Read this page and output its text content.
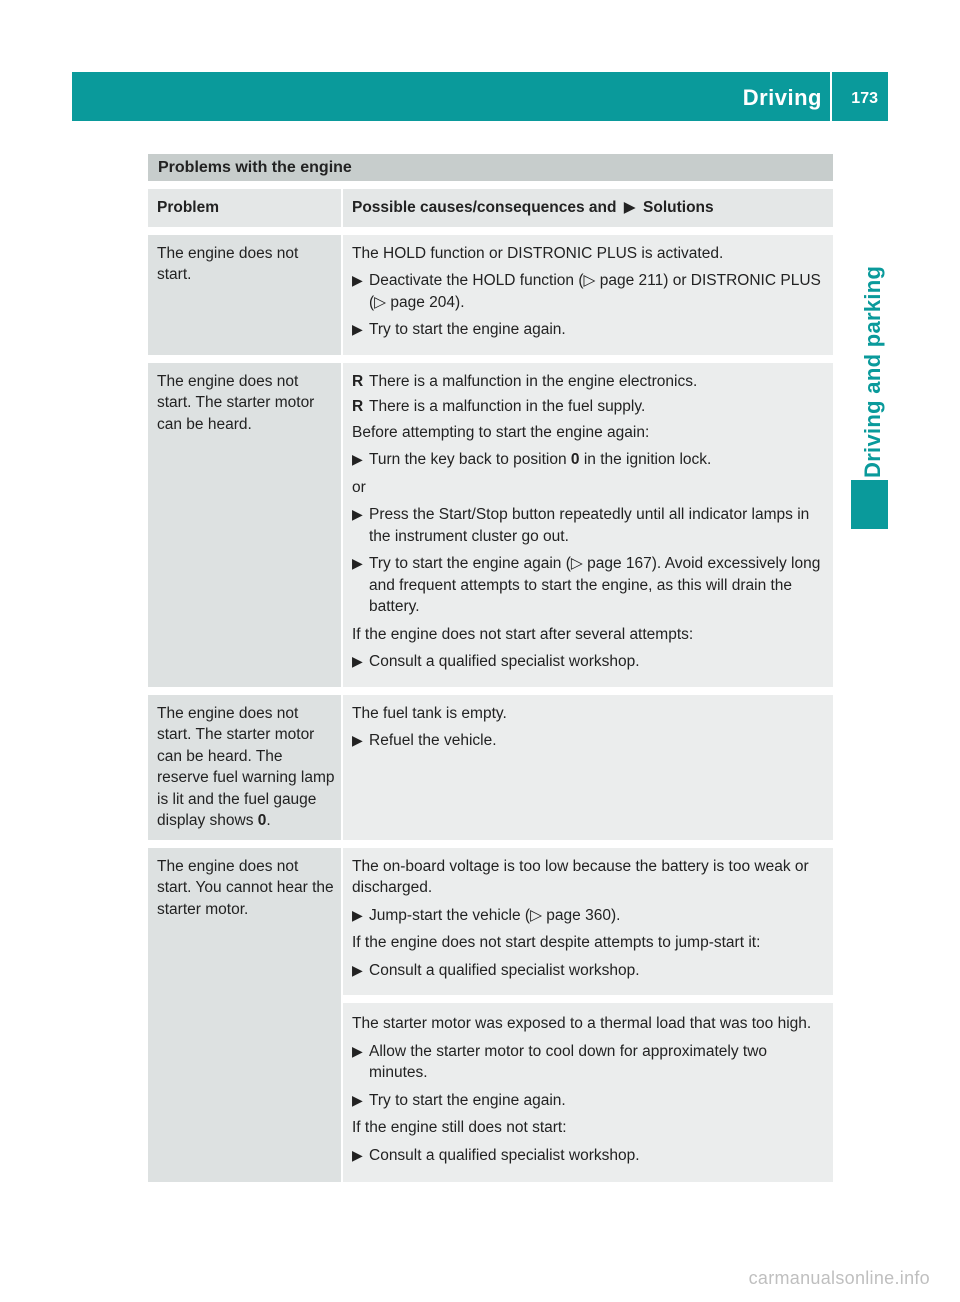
Driving 173
Driving and parking
Problems with the engine
Problem	Possible causes/consequences and ▶ Solutions
The engine does not start.
The HOLD function or DISTRONIC PLUS is activated.
▶ Deactivate the HOLD function (▷ page 211) or DISTRONIC PLUS (▷ page 204).
▶ Try to start the engine again.
The engine does not start. The starter motor can be heard.
R There is a malfunction in the engine electronics.
R There is a malfunction in the fuel supply.
Before attempting to start the engine again:
▶ Turn the key back to position 0 in the ignition lock.
or
▶ Press the Start/Stop button repeatedly until all indicator lamps in the instrument cluster go out.
▶ Try to start the engine again (▷ page 167). Avoid excessively long and frequent attempts to start the engine, as this will drain the battery.
If the engine does not start after several attempts:
▶ Consult a qualified specialist workshop.
The engine does not start. The starter motor can be heard. The reserve fuel warning lamp is lit and the fuel gauge display shows 0.
The fuel tank is empty.
▶ Refuel the vehicle.
The engine does not start. You cannot hear the starter motor.
The on-board voltage is too low because the battery is too weak or discharged.
▶ Jump-start the vehicle (▷ page 360).
If the engine does not start despite attempts to jump-start it:
▶ Consult a qualified specialist workshop.
The starter motor was exposed to a thermal load that was too high.
▶ Allow the starter motor to cool down for approximately two minutes.
▶ Try to start the engine again.
If the engine still does not start:
▶ Consult a qualified specialist workshop.
carmanualsonline.info
